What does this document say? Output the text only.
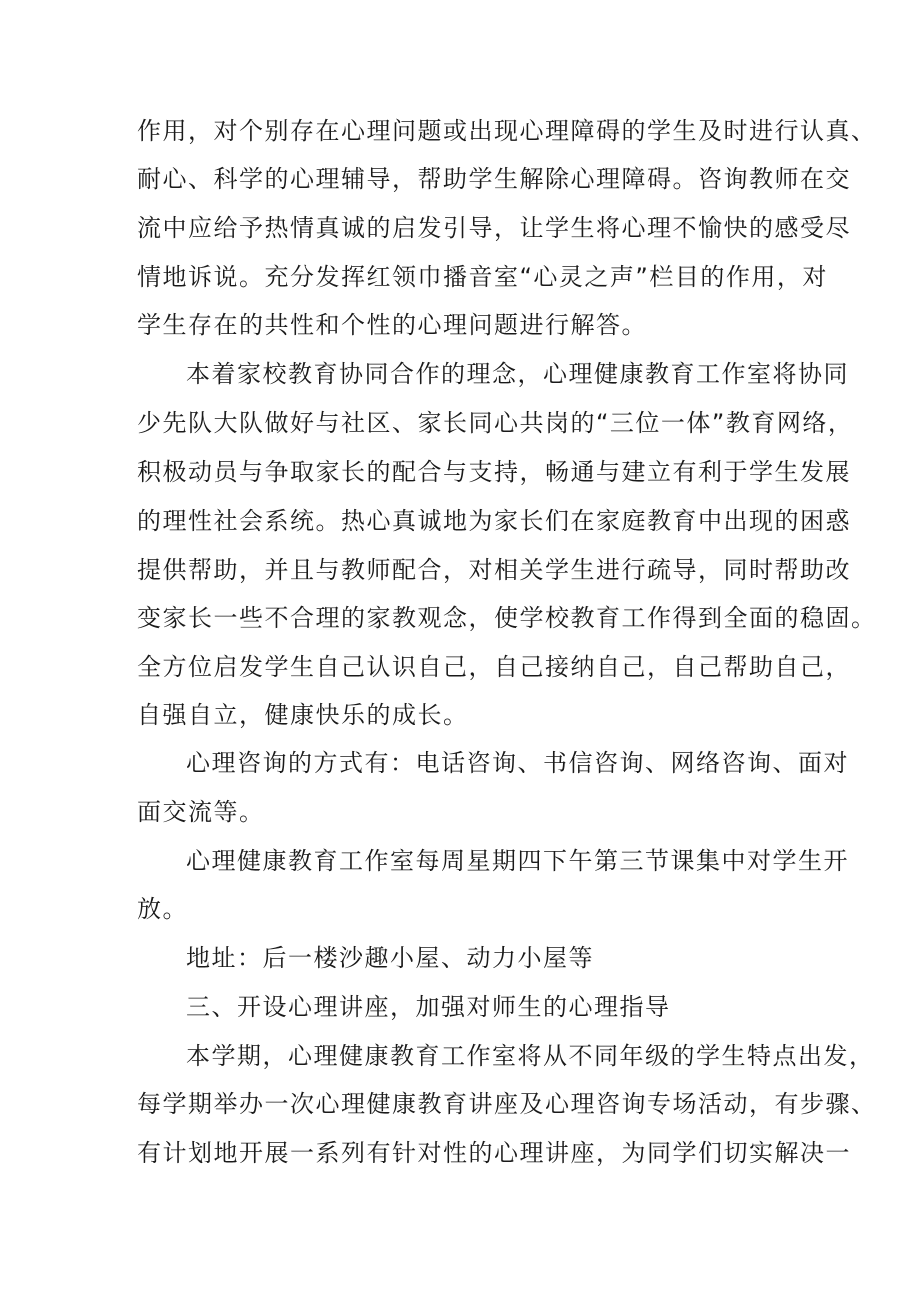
作用，对个别存在心理问题或出现心理障碍的学生及时进行认真、
耐心、科学的心理辅导，帮助学生解除心理障碍。咨询教师在交
流中应给予热情真诚的启发引导，让学生将心理不愉快的感受尽
情地诉说。充分发挥红领巾播音室“心灵之声”栏目的作用，对
学生存在的共性和个性的心理问题进行解答。
本着家校教育协同合作的理念，心理健康教育工作室将协同
少先队大队做好与社区、家长同心共岗的“三位一体”教育网络，
积极动员与争取家长的配合与支持，畅通与建立有利于学生发展
的理性社会系统。热心真诚地为家长们在家庭教育中出现的困惑
提供帮助，并且与教师配合，对相关学生进行疏导，同时帮助改
变家长一些不合理的家教观念，使学校教育工作得到全面的稳固。
全方位启发学生自己认识自己，自己接纳自己，自己帮助自己，
自强自立，健康快乐的成长。
心理咨询的方式有：电话咨询、书信咨询、网络咨询、面对
面交流等。
心理健康教育工作室每周星期四下午第三节课集中对学生开
放。
地址：后一楼沙趣小屋、动力小屋等
三、开设心理讲座，加强对师生的心理指导
本学期，心理健康教育工作室将从不同年级的学生特点出发，
每学期举办一次心理健康教育讲座及心理咨询专场活动，有步骤、
有计划地开展一系列有针对性的心理讲座，为同学们切实解决一
